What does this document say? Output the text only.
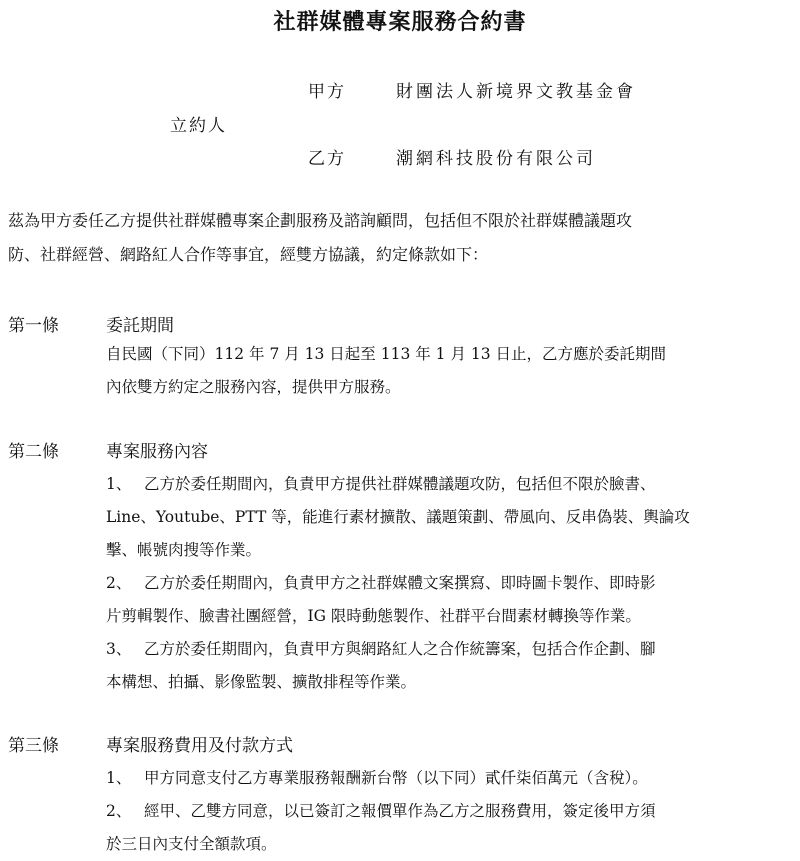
社群媒體專案服務合約書
甲方	財團法人新境界文教基金會
立約人
乙方	潮網科技股份有限公司

茲為甲方委任乙方提供社群媒體專案企劃服務及諮詢顧問，包括但不限於社群媒體議題攻

防、社群經營、網路紅人合作等事宜，經雙方協議，約定條款如下：

第一條	委託期間

自民國（下同）112 年 7 月 13 日起至 113 年 1 月 13 日止，乙方應於委託期間

內依雙方約定之服務內容，提供甲方服務。

第二條	專案服務內容

1、 乙方於委任期間內，負責甲方提供社群媒體議題攻防，包括但不限於臉書、

Line、Youtube、PTT 等，能進行素材擴散、議題策劃、帶風向、反串偽裝、輿論攻

擊、帳號肉搜等作業。

2、 乙方於委任期間內，負責甲方之社群媒體文案撰寫、即時圖卡製作、即時影

片剪輯製作、臉書社團經營，IG 限時動態製作、社群平台間素材轉換等作業。

3、 乙方於委任期間內，負責甲方與網路紅人之合作統籌案，包括合作企劃、腳

本構想、拍攝、影像監製、擴散排程等作業。

第三條	專案服務費用及付款方式

1、 甲方同意支付乙方專業服務報酬新台幣（以下同）貳仟柒佰萬元（含稅）。

2、 經甲、乙雙方同意，以已簽訂之報價單作為乙方之服務費用，簽定後甲方須

於三日內支付全額款項。
